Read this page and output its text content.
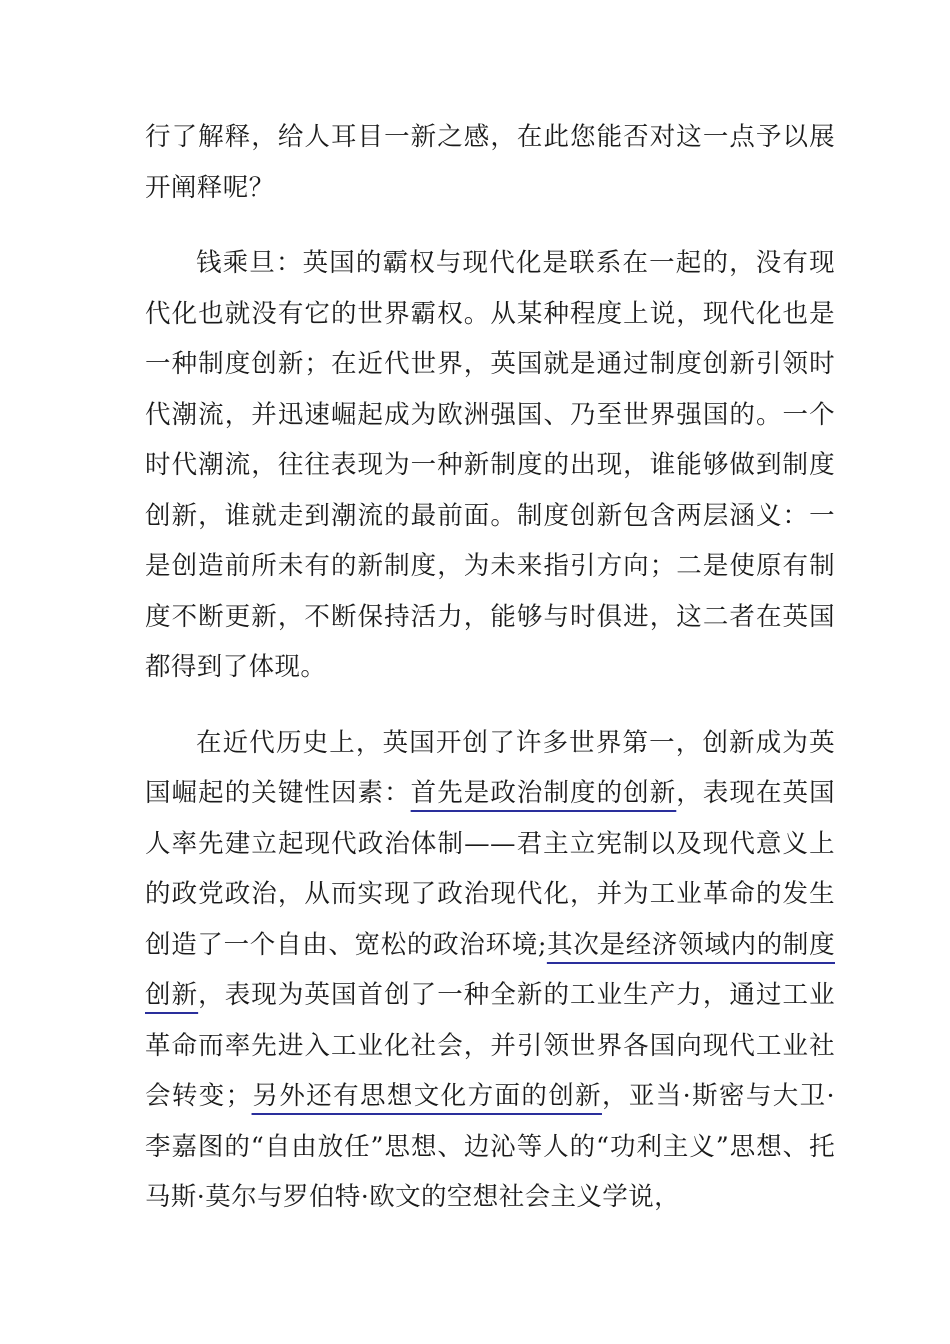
行了解释，给人耳目一新之感，在此您能否对这一点予以展开阐释呢？

钱乘旦：英国的霸权与现代化是联系在一起的，没有现代化也就没有它的世界霸权。从某种程度上说，现代化也是一种制度创新；在近代世界，英国就是通过制度创新引领时代潮流，并迅速崛起成为欧洲强国、乃至世界强国的。一个时代潮流，往往表现为一种新制度的出现，谁能够做到制度创新，谁就走到潮流的最前面。制度创新包含两层涵义：一是创造前所未有的新制度，为未来指引方向；二是使原有制度不断更新，不断保持活力，能够与时俱进，这二者在英国都得到了体现。

在近代历史上，英国开创了许多世界第一，创新成为英国崛起的关键性因素：首先是政治制度的创新，表现在英国人率先建立起现代政治体制——君主立宪制以及现代意义上的政党政治，从而实现了政治现代化，并为工业革命的发生创造了一个自由、宽松的政治环境;其次是经济领域内的制度创新，表现为英国首创了一种全新的工业生产力，通过工业革命而率先进入工业化社会，并引领世界各国向现代工业社会转变；另外还有思想文化方面的创新，亚当·斯密与大卫·李嘉图的“自由放任”思想、边沁等人的“功利主义”思想、托马斯·莫尔与罗伯特·欧文的空想社会主义学说，
